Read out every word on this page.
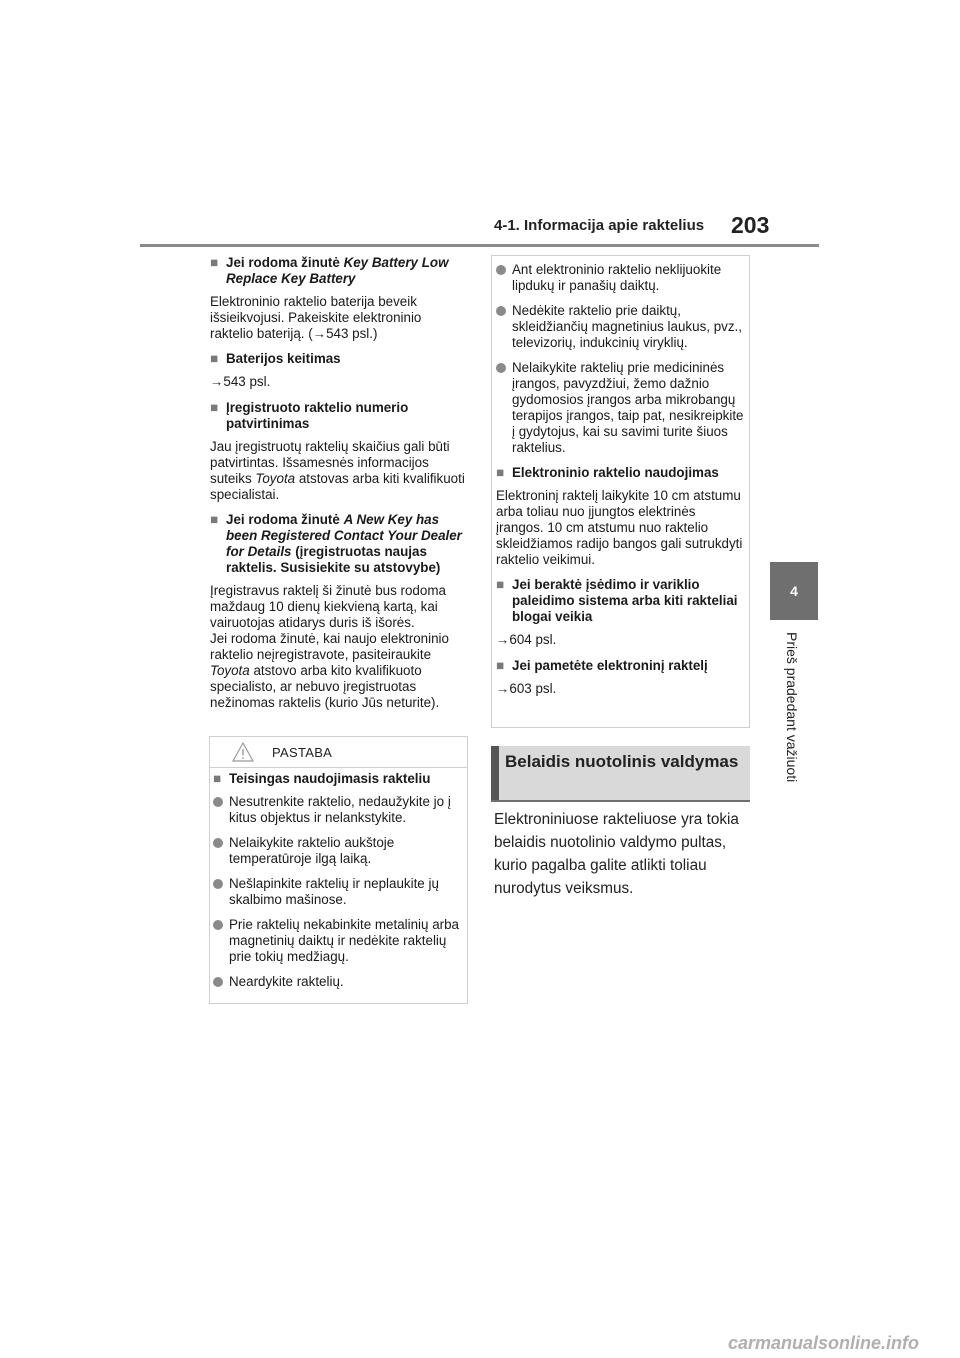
4-1. Informacija apie raktelius 203
4
Prieš pradedant važiuoti
■ Jei rodoma žinutė Key Battery Low Replace Key Battery

Elektroninio raktelio baterija beveik išsieikvojusi. Pakeiskite elektroninio raktelio bateriją. (→543 psl.)

■ Baterijos keitimas

→543 psl.

■ Įregistruoto raktelio numerio patvirtinimas

Jau įregistruotų raktelių skaičius gali būti patvirtintas. Išsamesnės informacijos suteiks Toyota atstovas arba kiti kvalifikuoti specialistai.

■ Jei rodoma žinutė A New Key has been Registered Contact Your Dealer for Details (įregistruotas naujas raktelis. Susisiekite su atstovybe)

Įregistravus raktelį ši žinutė bus rodoma maždaug 10 dienų kiekvieną kartą, kai vairuotojas atidarys duris iš išorės.

Jei rodoma žinutė, kai naujo elektroninio raktelio neįregistravote, pasiteiraukite Toyota atstovo arba kito kvalifikuoto specialisto, ar nebuvo įregistruotas nežinomas raktelis (kurio Jūs neturite).

PASTABA
■ Teisingas naudojimasis rakteliu
Nesutrenkite raktelio, nedaužykite jo į kitus objektus ir nelankstykite.
Nelaikykite raktelio aukštoje temperatūroje ilgą laiką.
Nešlapinkite raktelių ir neplaukite jų skalbimo mašinose.
Prie raktelių nekabinkite metalinių arba magnetinių daiktų ir nedėkite raktelių prie tokių medžiagų.
Neardykite raktelių.
Ant elektroninio raktelio neklijuokite lipdukų ir panašių daiktų.
Nedėkite raktelio prie daiktų, skleidžiančių magnetinius laukus, pvz., televizorių, indukcinių viryklių.
Nelaikykite raktelių prie medicininės įrangos, pavyzdžiui, žemo dažnio gydomosios įrangos arba mikrobangų terapijos įrangos, taip pat, nesikreipkite į gydytojus, kai su savimi turite šiuos raktelius.
■ Elektroninio raktelio naudojimas

Elektroninį raktelį laikykite 10 cm atstumu arba toliau nuo įjungtos elektrinės įrangos. 10 cm atstumu nuo raktelio skleidžiamos radijo bangos gali sutrukdyti raktelio veikimui.

■ Jei beraktė įsėdimo ir variklio paleidimo sistema arba kiti rakteliai blogai veikia

→604 psl.

■ Jei pametėte elektroninį raktelį

→603 psl.

Belaidis nuotolinis valdymas
Elektroniniuose rakteliuose yra tokia belaidis nuotolinio valdymo pultas, kurio pagalba galite atlikti toliau nurodytus veiksmus.
carmanualsonline.info
